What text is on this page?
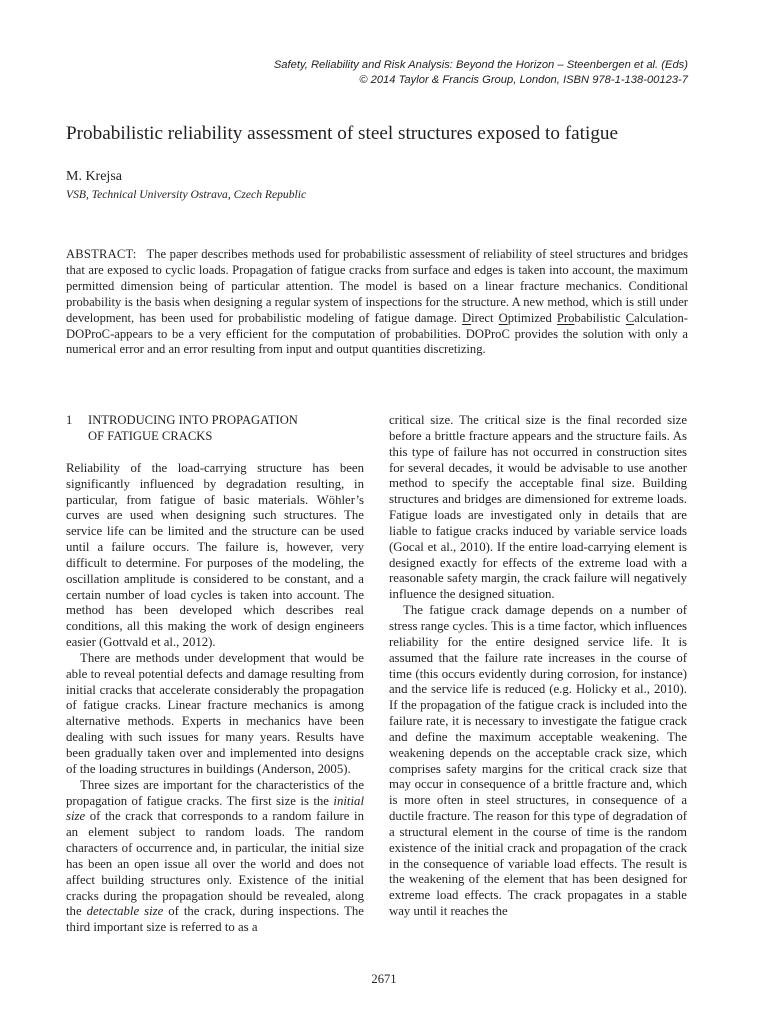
Safety, Reliability and Risk Analysis: Beyond the Horizon – Steenbergen et al. (Eds)
© 2014 Taylor & Francis Group, London, ISBN 978-1-138-00123-7
Probabilistic reliability assessment of steel structures exposed to fatigue
M. Krejsa
VSB, Technical University Ostrava, Czech Republic
ABSTRACT: The paper describes methods used for probabilistic assessment of reliability of steel structures and bridges that are exposed to cyclic loads. Propagation of fatigue cracks from surface and edges is taken into account, the maximum permitted dimension being of particular attention. The model is based on a linear fracture mechanics. Conditional probability is the basis when designing a regular system of inspections for the structure. A new method, which is still under development, has been used for probabilistic modeling of fatigue damage. Direct Optimized Probabilistic Calculation-DOProC-appears to be a very efficient for the computation of probabilities. DOProC provides the solution with only a numerical error and an error resulting from input and output quantities discretizing.
1 INTRODUCING INTO PROPAGATION
OF FATIGUE CRACKS

Reliability of the load-carrying structure has been significantly influenced by degradation resulting, in particular, from fatigue of basic materials. Wöhler’s curves are used when designing such structures. The service life can be limited and the structure can be used until a failure occurs. The failure is, however, very difficult to determine. For purposes of the modeling, the oscillation amplitude is considered to be constant, and a certain number of load cycles is taken into account. The method has been developed which describes real conditions, all this making the work of design engineers easier (Gottvald et al., 2012).

There are methods under development that would be able to reveal potential defects and damage resulting from initial cracks that accelerate considerably the propagation of fatigue cracks. Linear fracture mechanics is among alternative methods. Experts in mechanics have been dealing with such issues for many years. Results have been gradually taken over and implemented into designs of the loading structures in buildings (Anderson, 2005).

Three sizes are important for the characteristics of the propagation of fatigue cracks. The first size is the initial size of the crack that corresponds to a random failure in an element subject to random loads. The random characters of occurrence and, in particular, the initial size has been an open issue all over the world and does not affect building structures only. Existence of the initial cracks during the propagation should be revealed, along the detectable size of the crack, during inspections. The third important size is referred to as a

critical size. The critical size is the final recorded size before a brittle fracture appears and the structure fails. As this type of failure has not occurred in construction sites for several decades, it would be advisable to use another method to specify the acceptable final size. Building structures and bridges are dimensioned for extreme loads. Fatigue loads are investigated only in details that are liable to fatigue cracks induced by variable service loads (Gocal et al., 2010). If the entire load-carrying element is designed exactly for effects of the extreme load with a reasonable safety margin, the crack failure will negatively influence the designed situation.

The fatigue crack damage depends on a number of stress range cycles. This is a time factor, which influences reliability for the entire designed service life. It is assumed that the failure rate increases in the course of time (this occurs evidently during corrosion, for instance) and the service life is reduced (e.g. Holicky et al., 2010). If the propagation of the fatigue crack is included into the failure rate, it is necessary to investigate the fatigue crack and define the maximum acceptable weakening. The weakening depends on the acceptable crack size, which comprises safety margins for the critical crack size that may occur in consequence of a brittle fracture and, which is more often in steel structures, in consequence of a ductile fracture. The reason for this type of degradation of a structural element in the course of time is the random existence of the initial crack and propagation of the crack in the consequence of variable load effects. The result is the weakening of the element that has been designed for extreme load effects. The crack propagates in a stable way until it reaches the

2671
